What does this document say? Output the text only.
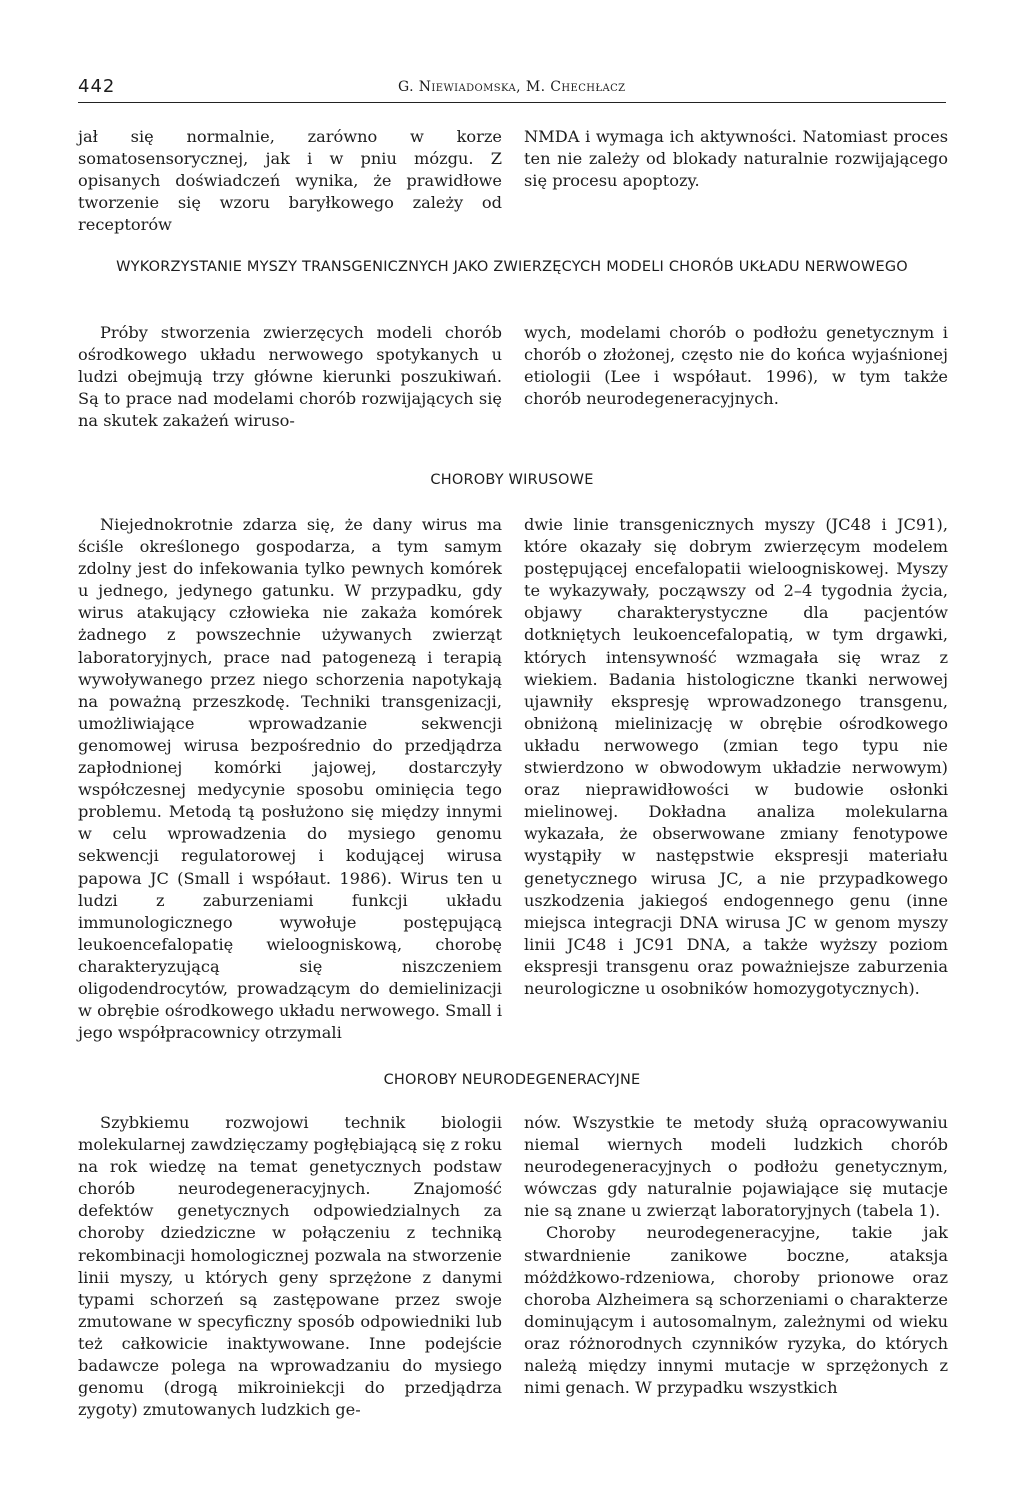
442	G. Niewiadomska, M. Chechłacz

jał się normalnie, zarówno w korze somatosensorycznej, jak i w pniu mózgu. Z opisanych doświadczeń wynika, że prawidłowe tworzenie się wzoru baryłkowego zależy od receptorów

NMDA i wymaga ich aktywności. Natomiast proces ten nie zależy od blokady naturalnie rozwijającego się procesu apoptozy.

WYKORZYSTANIE MYSZY TRANSGENICZNYCH JAKO ZWIERZĘCYCH MODELI CHORÓB UKŁADU NERWOWEGO

Próby stworzenia zwierzęcych modeli chorób ośrodkowego układu nerwowego spotykanych u ludzi obejmują trzy główne kierunki poszukiwań. Są to prace nad modelami chorób rozwijających się na skutek zakażeń wiruso-

wych, modelami chorób o podłożu genetycznym i chorób o złożonej, często nie do końca wyjaśnionej etiologii (Lee i współaut. 1996), w tym także chorób neurodegeneracyjnych.

CHOROBY WIRUSOWE

Niejednokrotnie zdarza się, że dany wirus ma ściśle określonego gospodarza, a tym samym zdolny jest do infekowania tylko pewnych komórek u jednego, jedynego gatunku. W przypadku, gdy wirus atakujący człowieka nie zakaża komórek żadnego z powszechnie używanych zwierząt laboratoryjnych, prace nad patogenezą i terapią wywoływanego przez niego schorzenia napotykają na poważną przeszkodę. Techniki transgenizacji, umożliwiające wprowadzanie sekwencji genomowej wirusa bezpośrednio do przedjądrza zapłodnionej komórki jajowej, dostarczyły współczesnej medycynie sposobu ominięcia tego problemu. Metodą tą posłużono się między innymi w celu wprowadzenia do mysiego genomu sekwencji regulatorowej i kodującej wirusa papowa JC (Small i współaut. 1986). Wirus ten u ludzi z zaburzeniami funkcji układu immunologicznego wywołuje postępującą leukoencefalopatię wieloogniskową, chorobę charakteryzującą się niszczeniem oligodendrocytów, prowadzącym do demielinizacji w obrębie ośrodkowego układu nerwowego. Small i jego współpracownicy otrzymali

dwie linie transgenicznych myszy (JC48 i JC91), które okazały się dobrym zwierzęcym modelem postępującej encefalopatii wieloogniskowej. Myszy te wykazywały, począwszy od 2–4 tygodnia życia, objawy charakterystyczne dla pacjentów dotkniętych leukoencefalopatią, w tym drgawki, których intensywność wzmagała się wraz z wiekiem. Badania histologiczne tkanki nerwowej ujawniły ekspresję wprowadzonego transgenu, obniżoną mielinizację w obrębie ośrodkowego układu nerwowego (zmian tego typu nie stwierdzono w obwodowym układzie nerwowym) oraz nieprawidłowości w budowie osłonki mielinowej. Dokładna analiza molekularna wykazała, że obserwowane zmiany fenotypowe wystąpiły w następstwie ekspresji materiału genetycznego wirusa JC, a nie przypadkowego uszkodzenia jakiegoś endogennego genu (inne miejsca integracji DNA wirusa JC w genom myszy linii JC48 i JC91 DNA, a także wyższy poziom ekspresji transgenu oraz poważniejsze zaburzenia neurologiczne u osobników homozygotycznych).

CHOROBY NEURODEGENERACYJNE

Szybkiemu rozwojowi technik biologii molekularnej zawdzięczamy pogłębiającą się z roku na rok wiedzę na temat genetycznych podstaw chorób neurodegeneracyjnych. Znajomość defektów genetycznych odpowiedzialnych za choroby dziedziczne w połączeniu z techniką rekombinacji homologicznej pozwala na stworzenie linii myszy, u których geny sprzężone z danymi typami schorzeń są zastępowane przez swoje zmutowane w specyficzny sposób odpowiedniki lub też całkowicie inaktywowane. Inne podejście badawcze polega na wprowadzaniu do mysiego genomu (drogą mikroiniekcji do przedjądrza zygoty) zmutowanych ludzkich ge-

nów. Wszystkie te metody służą opracowywaniu niemal wiernych modeli ludzkich chorób neurodegeneracyjnych o podłożu genetycznym, wówczas gdy naturalnie pojawiające się mutacje nie są znane u zwierząt laboratoryjnych (tabela 1).

Choroby neurodegeneracyjne, takie jak stwardnienie zanikowe boczne, ataksja móżdżkowo-rdzeniowa, choroby prionowe oraz choroba Alzheimera są schorzeniami o charakterze dominującym i autosomalnym, zależnymi od wieku oraz różnorodnych czynników ryzyka, do których należą między innymi mutacje w sprzężonych z nimi genach. W przypadku wszystkich
